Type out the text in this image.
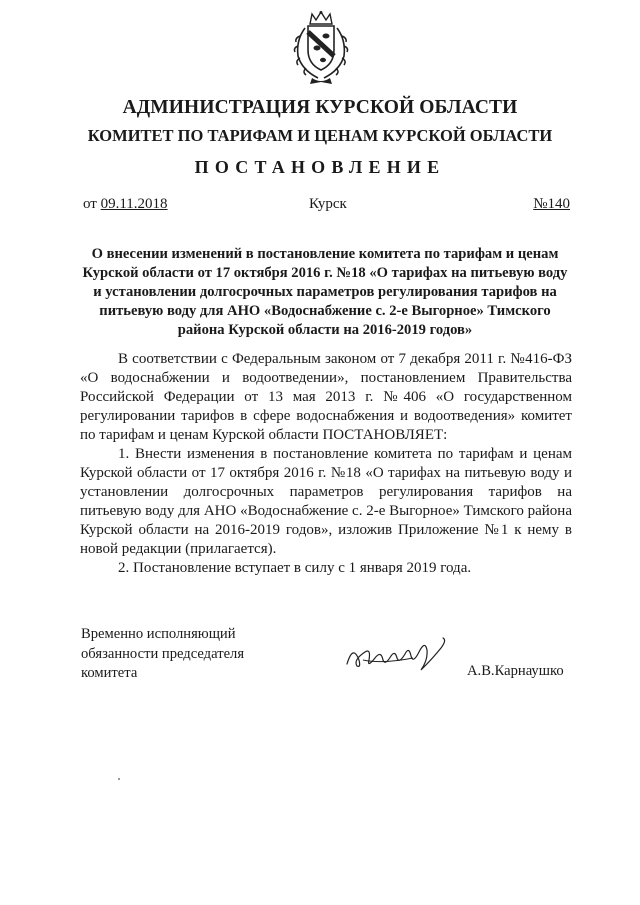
АДМИНИСТРАЦИЯ КУРСКОЙ ОБЛАСТИ
КОМИТЕТ ПО ТАРИФАМ И ЦЕНАМ КУРСКОЙ ОБЛАСТИ
ПОСТАНОВЛЕНИЕ
от 09.11.2018	Курск	№140
О внесении изменений в постановление комитета по тарифам и ценам Курской области от 17 октября 2016 г. №18 «О тарифах на питьевую воду и установлении долгосрочных параметров регулирования тарифов на питьевую воду для АНО «Водоснабжение с. 2-е Выгорное» Тимского района Курской области на 2016-2019 годов»

В соответствии с Федеральным законом от 7 декабря 2011 г. №416-ФЗ «О водоснабжении и водоотведении», постановлением Правительства Российской Федерации от 13 мая 2013 г. №406 «О государственном регулировании тарифов в сфере водоснабжения и водоотведения» комитет по тарифам и ценам Курской области ПОСТАНОВЛЯЕТ:

1. Внести изменения в постановление комитета по тарифам и ценам Курской области от 17 октября 2016 г. №18 «О тарифах на питьевую воду и установлении долгосрочных параметров регулирования тарифов на питьевую воду для АНО «Водоснабжение с. 2-е Выгорное» Тимского района Курской области на 2016-2019 годов», изложив Приложение №1 к нему в новой редакции (прилагается).

2. Постановление вступает в силу с 1 января 2019 года.

Временно исполняющий
обязанности председателя
комитета	А.В.Карнаушко
